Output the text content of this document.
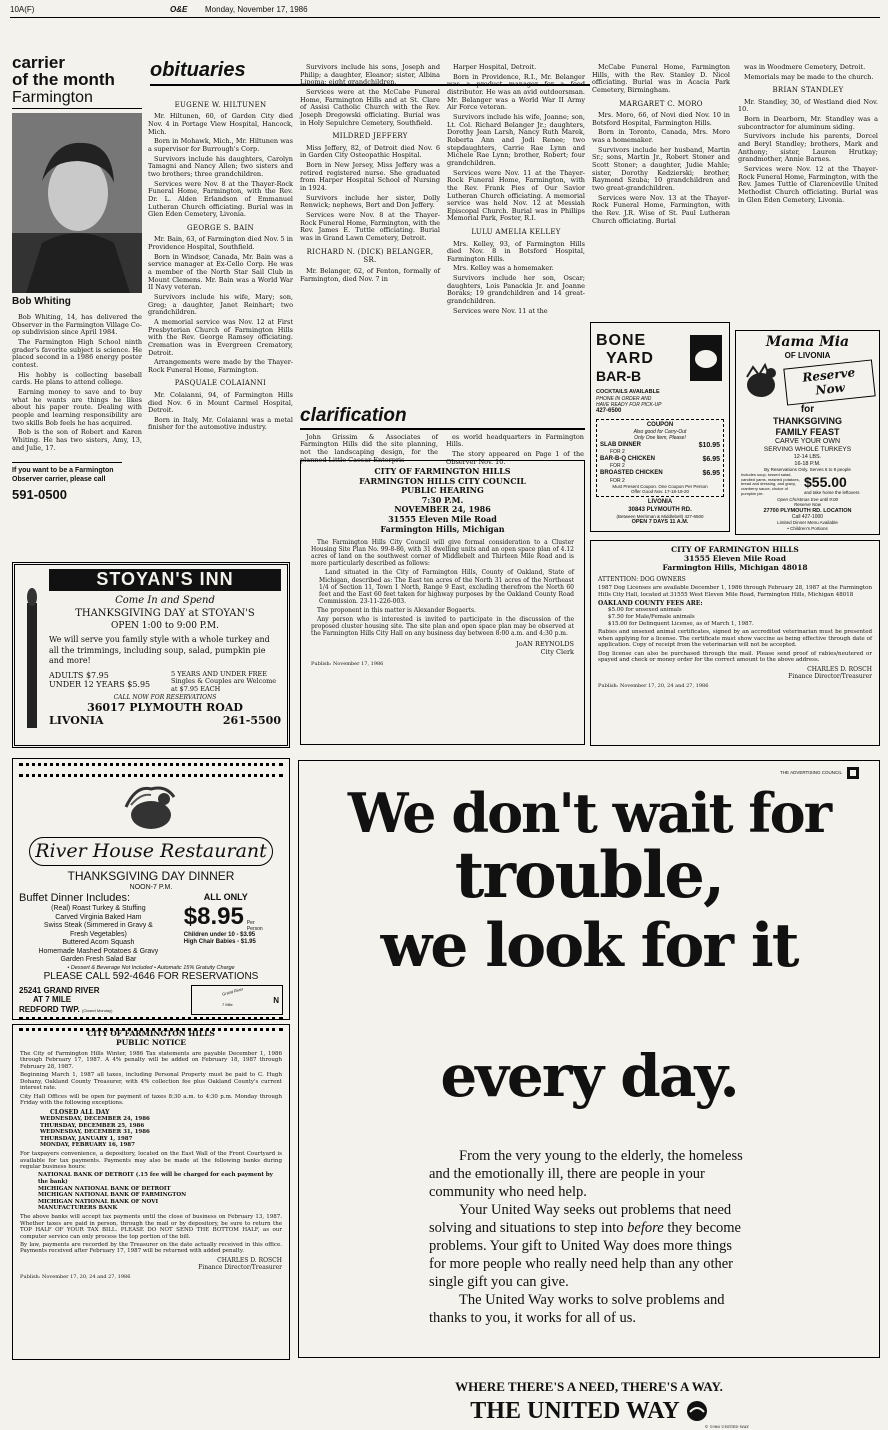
10A(F)	O&E Monday, November 17, 1986
carrier
of the month
Farmington
Bob Whiting

Bob Whiting, 14, has delivered the Observer in the Farmington Village Co-op subdivision since April 1984.

The Farmington High School ninth grader's favorite subject is science. He placed second in a 1986 energy poster contest.

His hobby is collecting baseball cards. He plans to attend college.

Earning money to save and to buy what he wants are things he likes about his paper route. Dealing with people and learning responsibility are two skills Bob feels he has acquired.

Bob is the son of Robert and Karen Whiting. He has two sisters, Amy, 13, and Julie, 17.

If you want to be a Farmington Observer carrier, please call
591-0500
obituaries
EUGENE W. HILTUNEN

Mr. Hiltunen, 60, of Garden City died Nov. 4 in Portage View Hospital, Hancock, Mich.

Born in Mohawk, Mich., Mr. Hiltunen was a supervisor for Burrough's Corp.

Survivors include his daughters, Carolyn Tamagni and Nancy Allen; two sisters and two brothers; three grandchildren.

Services were Nov. 8 at the Thayer-Rock Funeral Home, Farmington, with the Rev. Dr. L. Alden Erlandson of Emmanuel Lutheran Church officiating. Burial was in Glen Eden Cemetery, Livonia.

GEORGE S. BAIN

Mr. Bain, 63, of Farmington died Nov. 5 in Providence Hospital, Southfield.

Born in Windsor, Canada, Mr. Bain was a service manager at Ex-Cello Corp. He was a member of the North Star Sail Club in Mount Clemens. Mr. Bain was a World War II Navy veteran.

Survivors include his wife, Mary; son, Greg; a daughter, Janet Reinhart; two grandchildren.

A memorial service was Nov. 12 at First Presbyterian Church of Farmington Hills with the Rev. George Ramsey officiating. Cremation was in Evergreen Crematory, Detroit.

Arrangements were made by the Thayer-Rock Funeral Home, Farmington.

PASQUALE COLAIANNI

Mr. Colaianni, 94, of Farmington Hills died Nov. 6 in Mount Carmel Hospital, Detroit.

Born in Italy, Mr. Colaianni was a metal finisher for the automotive industry.

Survivors include his sons, Joseph and Philip; a daughter, Eleanor; sister, Albina Lipoma; eight grandchildren.

Services were at the McCabe Funeral Home, Farmington Hills and at St. Clare of Assisi Catholic Church with the Rev. Joseph Dregowski officiating. Burial was in Holy Sepulchre Cemetery, Southfield.

MILDRED JEFFERY

Miss Jeffery, 82, of Detroit died Nov. 6 in Garden City Osteopathic Hospital.

Born in New Jersey, Miss Jeffery was a retired registered nurse. She graduated from Harper Hospital School of Nursing in 1924.

Survivors include her sister, Dolly Renwick; nephews, Bert and Don Jeffery.

Services were Nov. 8 at the Thayer-Rock Funeral Home, Farmington, with the Rev. James E. Tuttle officiating. Burial was in Grand Lawn Cemetery, Detroit.

RICHARD N. (DICK) BELANGER, SR.

Mr. Belanger, 62, of Fenton, formally of Farmington, died Nov. 7 in

Harper Hospital, Detroit.

Born in Providence, R.I., Mr. Belanger was a product manager for a food distributor. He was an avid outdoorsman. Mr. Belanger was a World War II Army Air Force veteran.

Survivors include his wife, Joanne; son, Lt. Col. Richard Belanger Jr.; daughters, Dorothy Jean Larsh, Nancy Ruth Marek, Roberta Ann and Jodi Renee; two stepdaughters, Carrie Rae Lynn and Michele Rae Lynn; brother, Robert; four grandchildren.

Services were Nov. 11 at the Thayer-Rock Funeral Home, Farmington, with the Rev. Frank Pies of Our Savior Lutheran Church officiating. A memorial service was held Nov. 12 at Messiah Episcopal Church. Burial was in Phillips Memorial Park, Foster, R.I.

LULU AMELIA KELLEY

Mrs. Kelley, 93, of Farmington Hills died Nov. 8 in Botsford Hospital, Farmington Hills.

Mrs. Kelley was a homemaker.

Survivors include her son, Oscar; daughters, Lois Panackia Jr. and Joanne Boraks; 19 grandchildren and 14 great-grandchildren.

Services were Nov. 11 at the

McCabe Funeral Home, Farmington Hills, with the Rev. Stanley D. Nicol officiating. Burial was in Acacia Park Cemetery, Birmingham.

MARGARET C. MORO

Mrs. Moro, 66, of Novi died Nov. 10 in Botsford Hospital, Farmington Hills.

Born in Toronto, Canada, Mrs. Moro was a homemaker.

Survivors include her husband, Martin Sr.; sons, Martin Jr., Robert Stoner and Scott Stoner; a daughter, Judie Mahle; sister, Dorothy Kedzierski; brother, Raymond Szuba; 10 grandchildren and two great-grandchildren.

Services were Nov. 13 at the Thayer-Rock Funeral Home, Farmington, with the Rev. J.R. Wise of St. Paul Lutheran Church officiating. Burial

was in Woodmere Cemetery, Detroit.

Memorials may be made to the church.

BRIAN STANDLEY

Mr. Standley, 30, of Westland died Nov. 10.

Born in Dearborn, Mr. Standley was a subcontractor for aluminum siding.

Survivors include his parents, Dorcel and Beryl Standley; brothers, Mark and Anthony; sister, Lauren Hrutkay; grandmother, Annie Barnes.

Services were Nov. 12 at the Thayer-Rock Funeral Home, Farmington, with the Rev. James Tuttle of Clarenceville United Methodist Church officiating. Burial was in Glen Eden Cemetery, Livonia.

clarification

John Grissim & Associates of Farmington Hills did the site planning, not the landscaping design, for the planned Little Caesar Enterpris-

es world headquarters in Farmington Hills.

The story appeared on Page 1 of the Observer Nov. 10.

CITY OF FARMINGTON HILLS
FARMINGTON HILLS CITY COUNCIL
PUBLIC HEARING
7:30 P.M.
NOVEMBER 24, 1986
31555 Eleven Mile Road
Farmington Hills, Michigan

The Farmington Hills City Council will give formal consideration to a Cluster Housing Site Plan No. 99-8-86, with 31 dwelling units and an open space plan of 4.12 acres of land on the southwest corner of Middlebelt and Thirteen Mile Road and is more particularly described as follows:

Land situated in the City of Farmington Hills, County of Oakland, State of Michigan, described as: The East ten acres of the North 31 acres of the Northeast 1/4 of Section 11, Town 1 North, Range 9 East, excluding therefrom the North 60 feet and the East 60 feet taken for highway purposes by the Oakland County Road Commission. 23-11-226-003.

The proponent in this matter is Alexander Bogaerts.

Any person who is interested is invited to participate in the discussion of the proposed cluster housing site. The site plan and open space plan may be observed at the Farmington Hills City Hall on any business day between 8:00 a.m. and 4:30 p.m.

JoAN REYNOLDS
City Clerk
Publish: November 17, 1986
BONE
YARD
BAR-B
COCKTAILS AVAILABLE
PHONE IN ORDER AND HAVE READY FOR PICK-UP
427-6500
COUPON
Also good for Carry-Out
Only One Item, Please!
SLAB DINNER
FOR 2
$10.95
BAR-B-Q CHICKEN
FOR 2
$6.95
BROASTED CHICKEN
FOR 2
$6.95
Must Present Coupon. One Coupon Per Person
Offer Good Nov. 17-18-19-20
LIVONIA
30843 PLYMOUTH RD.
(Between Merriman & Middlebelt) 427-6500
OPEN 7 DAYS 11 A.M.
Mama Mia
OF LIVONIA
Reserve Now
for
THANKSGIVING
FAMILY FEAST
CARVE YOUR OWN
SERVING WHOLE TURKEYS
12-14 LBS.
16-18 P.M.
By Reservations Only. Serves 6 to 8 people
Includes soup, tossed salad, candied yams, mashed potatoes, bread and dressing, and gravy, cranberry sauce, choice of pumpkin pie.
$55.00
and take home the leftovers
Open Christmas Eve until 9:00
Reserve Now
27700 PLYMOUTH RD. LOCATION
Call 427-1000
Limited Dinner Menu Available
• Children's Portions
CITY OF FARMINGTON HILLS
31555 Eleven Mile Road
Farmington Hills, Michigan 48018
ATTENTION: DOG OWNERS

1987 Dog Licenses are available December 1, 1986 through February 28, 1987 at the Farmington Hills City Hall, located at 31555 West Eleven Mile Road, Farmington Hills, Michigan 48018

OAKLAND COUNTY FEES ARE:
$5.00 for unsexed animals
$7.50 for Male/Female animals
$15.00 for Delinquent License, as of March 1, 1987.

Rabies and unsexed animal certificates, signed by an accredited veterinarian must be presented when applying for a license. The certificate must show vaccine as being effective through date of application. Copy of receipt from the veterinarian will not be accepted.

Dog license can also be purchased through the mail. Please send proof of rabies/neutered or spayed and check or money order for the correct amount to the above address.

CHARLES D. ROSCH
Finance Director/Treasurer
Publish: November 17, 20, 24 and 27, 1986
STOYAN'S INN
Come In and Spend
THANKSGIVING DAY at STOYAN'S
OPEN 1:00 to 9:00 P.M.

We will serve you family style with a whole turkey and all the trimmings, including soup, salad, pumpkin pie and more!

ADULTS $7.95
UNDER 12 YEARS $5.95
5 YEARS AND UNDER FREE
Singles & Couples are Welcome at $7.95 EACH
CALL NOW FOR RESERVATIONS
36017 PLYMOUTH ROAD
LIVONIA	261-5500
River House Restaurant
THANKSGIVING DAY DINNER
NOON-7 P.M.
Buffet Dinner Includes:
(Real) Roast Turkey & Stuffing
Carved Virginia Baked Ham
Swiss Steak (Simmered in Gravy &
Fresh Vegetables)
Buttered Acorn Squash
Homemade Mashed Potatoes & Gravy
Garden Fresh Salad Bar
ALL ONLY
$8.95 Per Person
Children under 10 - $3.95
High Chair Babies - $1.95
• Dessert & Beverage Not Included • Automatic 15% Gratuity Charge
PLEASE CALL 592-4646 FOR RESERVATIONS
25241 GRAND RIVER
AT 7 MILE
REDFORD TWP. (Closed Monday)
Grand River
7 Mile	N
CITY OF FARMINGTON HILLS
PUBLIC NOTICE

The City of Farmington Hills Winter, 1986 Tax statements are payable December 1, 1986 through February 17, 1987. A 4% penalty will be added on February 18, 1987 through February 28, 1987.

Beginning March 1, 1987 all taxes, including Personal Property must be paid to C. Hugh Dohany, Oakland County Treasurer, with 4% collection fee plus Oakland County's current interest rate.

City Hall Offices will be open for payment of taxes 8:30 a.m. to 4:30 p.m. Monday through Friday with the following exceptions.

CLOSED ALL DAY
WEDNESDAY, DECEMBER 24, 1986
THURSDAY, DECEMBER 25, 1986
WEDNESDAY, DECEMBER 31, 1986
THURSDAY, JANUARY 1, 1987
MONDAY, FEBRUARY 16, 1987

For taxpayers convenience, a depository, located on the East Wall of the Front Courtyard is available for tax payments. Payments may also be made at the following banks during regular business hours:

NATIONAL BANK OF DETROIT (.15 fee will be charged for each payment by the bank)
MICHIGAN NATIONAL BANK OF DETROIT
MICHIGAN NATIONAL BANK OF FARMINGTON
MICHIGAN NATIONAL BANK OF NOVI
MANUFACTURERS BANK

The above banks will accept tax payments until the close of business on February 13, 1987. Whether taxes are paid in person, through the mail or by depository, be sure to return the TOP HALF OF YOUR TAX BILL. PLEASE DO NOT SEND THE BOTTOM HALF, as our computer service can only process the top portion of the bill.

By law, payments are recorded by the Treasurer on the date actually received in this office. Payments received after February 17, 1987 will be returned with added penalty.

CHARLES D. ROSCH
Finance Director/Treasurer
Publish: November 17, 20, 24 and 27, 1986
THE ADVERTISING COUNCIL
We don't wait for
trouble,
we look for it
every day.

From the very young to the elderly, the homeless and the emotionally ill, there are people in your community who need help.

Your United Way seeks out problems that need solving and situations to step into before they become problems. Your gift to United Way does more things for more people who really need help than any other single gift you can give.

The United Way works to solve problems and thanks to you, it works for all of us.

WHERE THERE'S A NEED, THERE'S A WAY.
THE UNITED WAY
© 1986 UNITED WAY
